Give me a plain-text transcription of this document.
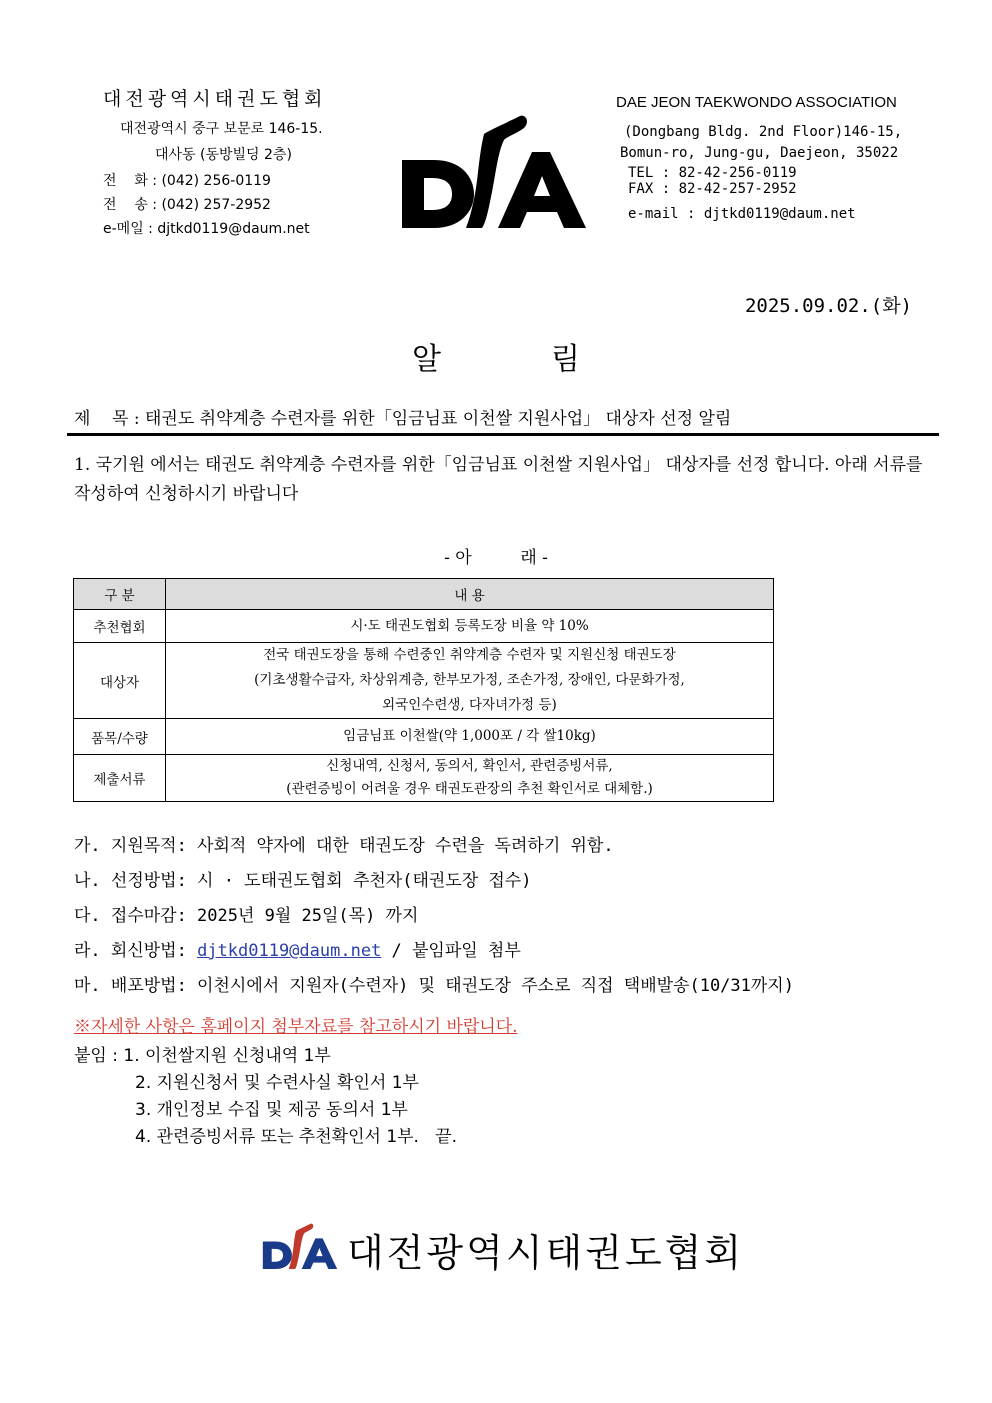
대전광역시태권도협회
대전광역시 중구 보문로 146-15.
대사동 (동방빌딩 2층)
전    화 : (042) 256-0119
전    송 : (042) 257-2952
e-메일 : djtkd0119@daum.net
DAE JEON TAEKWONDO ASSOCIATION
(Dongbang Bldg. 2nd Floor)146-15,
Bomun-ro, Jung-gu, Daejeon, 35022
TEL : 82-42-256-0119
FAX : 82-42-257-2952
e-mail : djtkd0119@daum.net
2025.09.02.(화)
알	림
제    목 : 태권도 취약계층 수련자를 위한「임금님표 이천쌀 지원사업」 대상자 선정 알림
1. 국기원 에서는 태권도 취약계층 수련자를 위한「임금님표 이천쌀 지원사업」 대상자를 선정 합니다. 아래 서류를 작성하여 신청하시기 바랍니다
- 아         래 -
구 분	내 용
추천협회	시·도 태권도협회 등록도장 비율 약 10%
대상자	전국 태권도장을 통해 수련중인 취약계층 수련자 및 지원신청 태권도장
(기초생활수급자, 차상위계층, 한부모가정, 조손가정, 장애인, 다문화가정,
외국인수련생, 다자녀가정 등)

품목/수량	임금님표 이천쌀(약 1,000포 / 각 쌀10kg)
제출서류	신청내역, 신청서, 동의서, 확인서, 관련증빙서류,
(관련증빙이 어려울 경우 태권도관장의 추천 확인서로 대체함.)
가. 지원목적: 사회적 약자에 대한 태권도장 수련을 독려하기 위함.
나. 선정방법: 시 · 도태권도협회 추천자(태권도장 접수)
다. 접수마감: 2025년 9월 25일(목) 까지
라. 회신방법: djtkd0119@daum.net / 붙임파일 첨부
마. 배포방법: 이천시에서 지원자(수련자) 및 태권도장 주소로 직접 택배발송(10/31까지)
※자세한 사항은 홈페이지 첨부자료를 참고하시기 바랍니다.
붙임 : 1. 이천쌀지원 신청내역 1부
2. 지원신청서 및 수련사실 확인서 1부
3. 개인정보 수집 및 제공 동의서 1부
4. 관련증빙서류 또는 추천확인서 1부.   끝.
대전광역시태권도협회
